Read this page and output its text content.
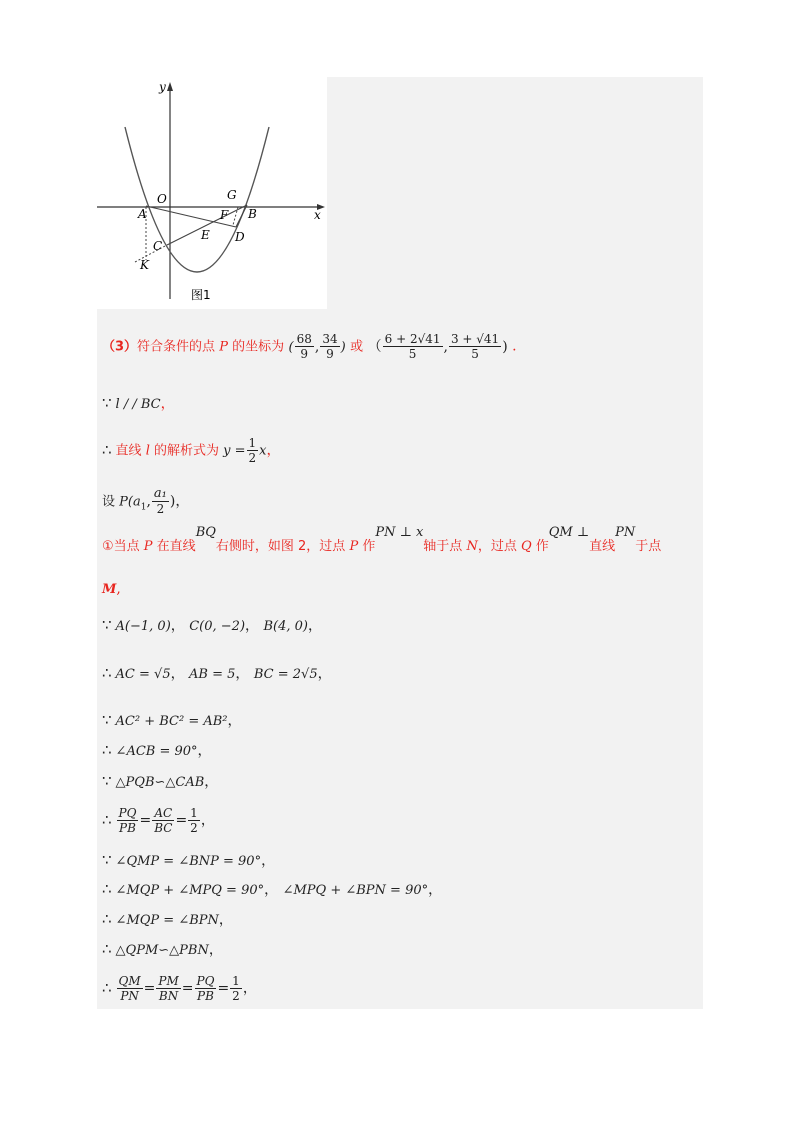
y
x
O	G
A	B
F
E D
C
K
图1
（3）符合条件的点 P 的坐标为 ( $\frac{68}{9}$ , $\frac{34}{9}$ ) 或 （ $\frac{6 + 2√41}{5}$ , $\frac{3 + √41}{5}$ ) .
∵ l / / BC，
∴ 直线 l 的解析式为 $y = \frac{1}{2}$ x，
设 $P(a_1$, $\frac{\text{a₁}}{2}$ )，
①当点 P 在直线BQ右侧时，如图 2，过点 P 作PN ⊥ x轴于点 N，过点 Q 作QM ⊥直线PN于点
M,
∵ A(−1, 0)， C(0, −2)， B(4, 0)，
∴ AC = √5， AB = 5， BC = 2√5，
∵ AC² + BC² = AB²，
∴ ∠ACB = 90°，
∵ △PQB∽△CAB，
∴ $\frac{PQ}{PB} = \frac{AC}{BC} = \frac{1}{2}$ ，
∵ ∠QMP = ∠BNP = 90°，
∴ ∠MQP + ∠MPQ = 90°， ∠MPQ + ∠BPN = 90°，
∴ ∠MQP = ∠BPN，
∴ △QPM∽△PBN，
∴ $\frac{QM}{PN} = \frac{PM}{BN} = \frac{PQ}{PB} = \frac{1}{2}$ ，
